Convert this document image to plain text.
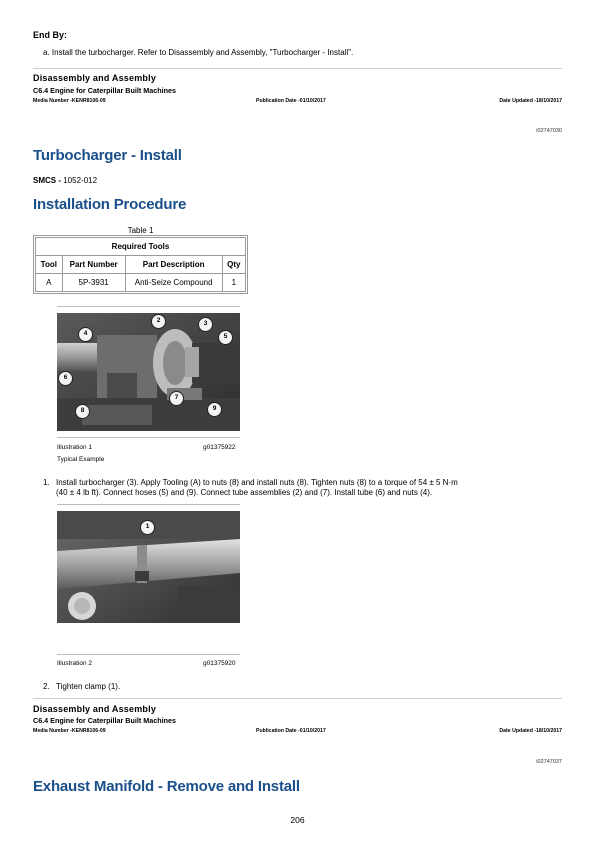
End By:
a. Install the turbocharger. Refer to Disassembly and Assembly, "Turbocharger - Install".
Disassembly and Assembly
C6.4 Engine for Caterpillar Built Machines
Media Number -KENR8106-09	Publication Date -01/10/2017	Date Updated -18/10/2017
i02747030
Turbocharger - Install
SMCS - 1052-012
Installation Procedure
Table 1
Required Tools			
Tool	Part Number	Part Description	Qty
A	5P-3931	Anti-Seize Compound	1
2	3
4	5
6
7
8	9
Illustration 1	g01375922
Typical Example
1. Install turbocharger (3). Apply Tooling (A) to nuts (8) and install nuts (8). Tighten nuts (8) to a torque of 54 ± 5 N·m
(40 ± 4 lb ft). Connect hoses (5) and (9). Connect tube assemblies (2) and (7). Install tube (6) and nuts (4).
1
Illustration 2	g01375920
2. Tighten clamp (1).
Disassembly and Assembly
C6.4 Engine for Caterpillar Built Machines
Media Number -KENR8106-09	Publication Date -01/10/2017	Date Updated -18/10/2017
i02747037
Exhaust Manifold - Remove and Install
206
